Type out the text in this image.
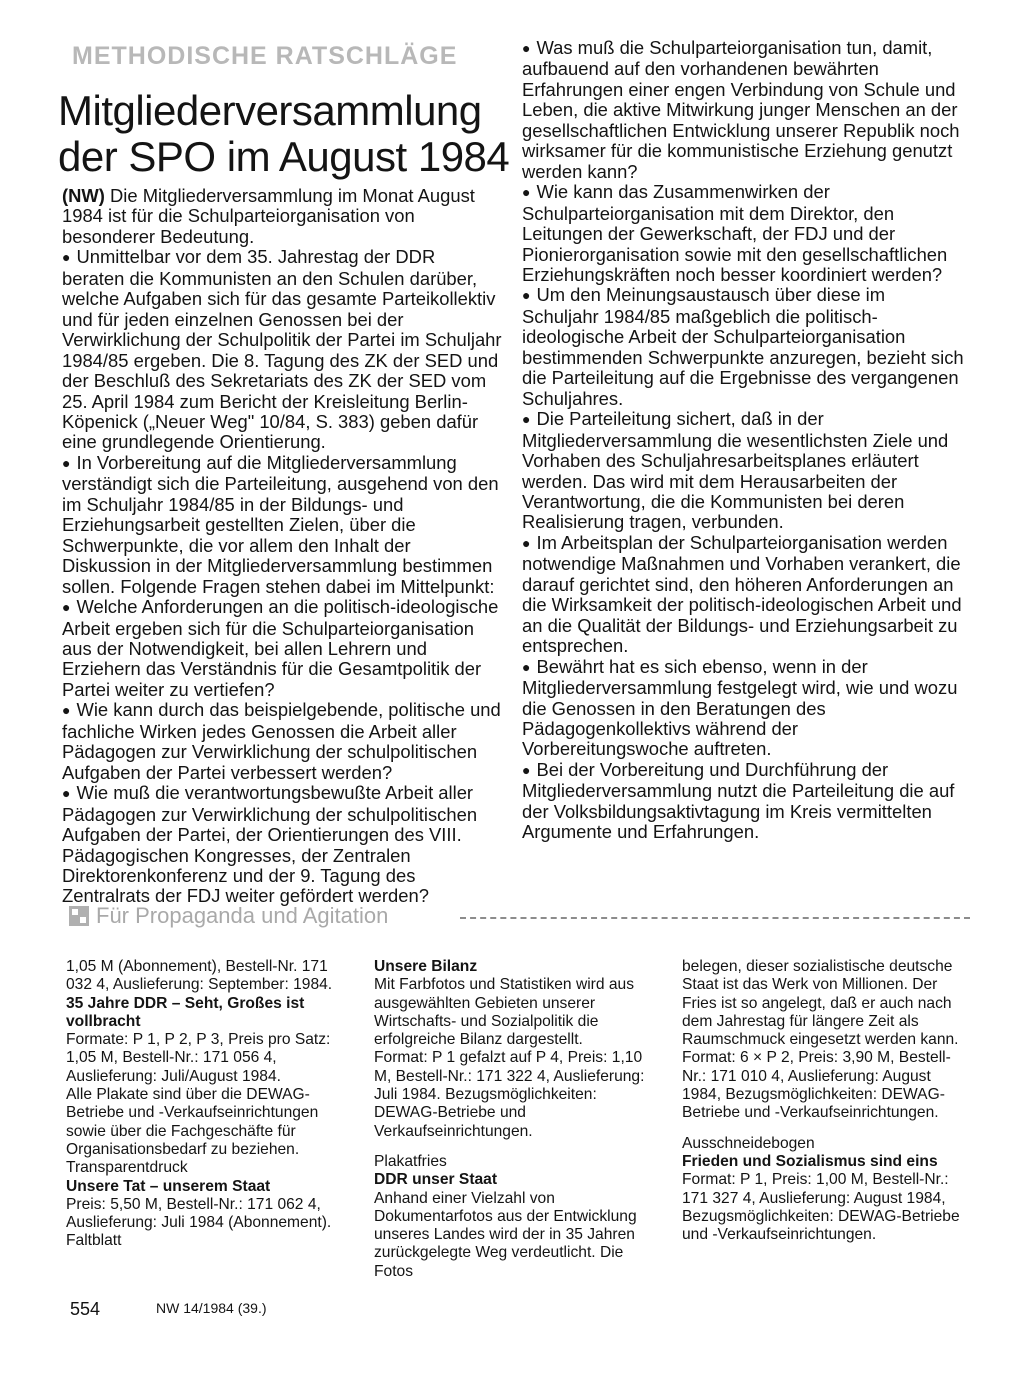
METHODISCHE RATSCHLÄGE
Mitgliederversammlung
der SPO im August 1984

(NW) Die Mitgliederversammlung im Monat August 1984 ist für die Schulparteiorganisation von besonderer Bedeutung.

● Unmittelbar vor dem 35. Jahrestag der DDR beraten die Kommunisten an den Schulen darüber, welche Aufgaben sich für das gesamte Parteikollektiv und für jeden einzelnen Genossen bei der Verwirklichung der Schulpolitik der Partei im Schuljahr 1984/85 ergeben. Die 8. Tagung des ZK der SED und der Beschluß des Sekretariats des ZK der SED vom 25. April 1984 zum Bericht der Kreisleitung Berlin-Köpenick („Neuer Weg" 10/84, S. 383) geben dafür eine grundlegende Orientierung.

● In Vorbereitung auf die Mitgliederversammlung verständigt sich die Parteileitung, ausgehend von den im Schuljahr 1984/85 in der Bildungs- und Erziehungsarbeit gestellten Zielen, über die Schwerpunkte, die vor allem den Inhalt der Diskussion in der Mitgliederversammlung bestimmen sollen. Folgende Fragen stehen dabei im Mittelpunkt:

● Welche Anforderungen an die politisch-ideologische Arbeit ergeben sich für die Schulparteiorganisation aus der Notwendigkeit, bei allen Lehrern und Erziehern das Verständnis für die Gesamtpolitik der Partei weiter zu vertiefen?

● Wie kann durch das beispielgebende, politische und fachliche Wirken jedes Genossen die Arbeit aller Pädagogen zur Verwirklichung der schulpolitischen Aufgaben der Partei verbessert werden?

● Wie muß die verantwortungsbewußte Arbeit aller Pädagogen zur Verwirklichung der schulpolitischen Aufgaben der Partei, der Orientierungen des VIII. Pädagogischen Kongresses, der Zentralen Direktorenkonferenz und der 9. Tagung des Zentralrats der FDJ weiter gefördert werden?

● Was muß die Schulparteiorganisation tun, damit, aufbauend auf den vorhandenen bewährten Erfahrungen einer engen Verbindung von Schule und Leben, die aktive Mitwirkung junger Menschen an der gesellschaftlichen Entwicklung unserer Republik noch wirksamer für die kommunistische Erziehung genutzt werden kann?

● Wie kann das Zusammenwirken der Schulparteiorganisation mit dem Direktor, den Leitungen der Gewerkschaft, der FDJ und der Pionierorganisation sowie mit den gesellschaftlichen Erziehungskräften noch besser koordiniert werden?

● Um den Meinungsaustausch über diese im Schuljahr 1984/85 maßgeblich die politisch-ideologische Arbeit der Schulparteiorganisation bestimmenden Schwerpunkte anzuregen, bezieht sich die Parteileitung auf die Ergebnisse des vergangenen Schuljahres.

● Die Parteileitung sichert, daß in der Mitgliederversammlung die wesentlichsten Ziele und Vorhaben des Schuljahresarbeitsplanes erläutert werden. Das wird mit dem Herausarbeiten der Verantwortung, die die Kommunisten bei deren Realisierung tragen, verbunden.

● Im Arbeitsplan der Schulparteiorganisation werden notwendige Maßnahmen und Vorhaben verankert, die darauf gerichtet sind, den höheren Anforderungen an die Wirksamkeit der politisch-ideologischen Arbeit und an die Qualität der Bildungs- und Erziehungsarbeit zu entsprechen.

● Bewährt hat es sich ebenso, wenn in der Mitgliederversammlung festgelegt wird, wie und wozu die Genossen in den Beratungen des Pädagogenkollektivs während der Vorbereitungswoche auftreten.

● Bei der Vorbereitung und Durchführung der Mitgliederversammlung nutzt die Parteileitung die auf der Volksbildungsaktivtagung im Kreis vermittelten Argumente und Erfahrungen.

Für Propaganda und Agitation

1,05 M (Abonnement), Bestell-Nr. 171 032 4, Auslieferung: September: 1984.

35 Jahre DDR – Seht, Großes ist vollbracht

Formate: P 1, P 2, P 3, Preis pro Satz: 1,05 M, Bestell-Nr.: 171 056 4, Auslieferung: Juli/August 1984.

Alle Plakate sind über die DEWAG-Betriebe und -Verkaufseinrichtungen sowie über die Fachgeschäfte für Organisationsbedarf zu beziehen.

Transparentdruck

Unsere Tat – unserem Staat

Preis: 5,50 M, Bestell-Nr.: 171 062 4, Auslieferung: Juli 1984 (Abonnement).

Faltblatt

Unsere Bilanz

Mit Farbfotos und Statistiken wird aus ausgewählten Gebieten unserer Wirtschafts- und Sozialpolitik die erfolgreiche Bilanz dargestellt.

Format: P 1 gefalzt auf P 4, Preis: 1,10 M, Bestell-Nr.: 171 322 4, Auslieferung: Juli 1984. Bezugsmöglichkeiten: DEWAG-Betriebe und Verkaufseinrichtungen.

Plakatfries

DDR unser Staat

Anhand einer Vielzahl von Dokumentarfotos aus der Entwicklung unseres Landes wird der in 35 Jahren zurückgelegte Weg verdeutlicht. Die Fotos

belegen, dieser sozialistische deutsche Staat ist das Werk von Millionen. Der Fries ist so angelegt, daß er auch nach dem Jahrestag für längere Zeit als Raumschmuck eingesetzt werden kann.

Format: 6 × P 2, Preis: 3,90 M, Bestell-Nr.: 171 010 4, Auslieferung: August 1984, Bezugsmöglichkeiten: DEWAG-Betriebe und -Verkaufseinrichtungen.

Ausschneidebogen

Frieden und Sozialismus sind eins

Format: P 1, Preis: 1,00 M, Bestell-Nr.: 171 327 4, Auslieferung: August 1984, Bezugsmöglichkeiten: DEWAG-Betriebe und -Verkaufseinrichtungen.

554	NW 14/1984 (39.)
